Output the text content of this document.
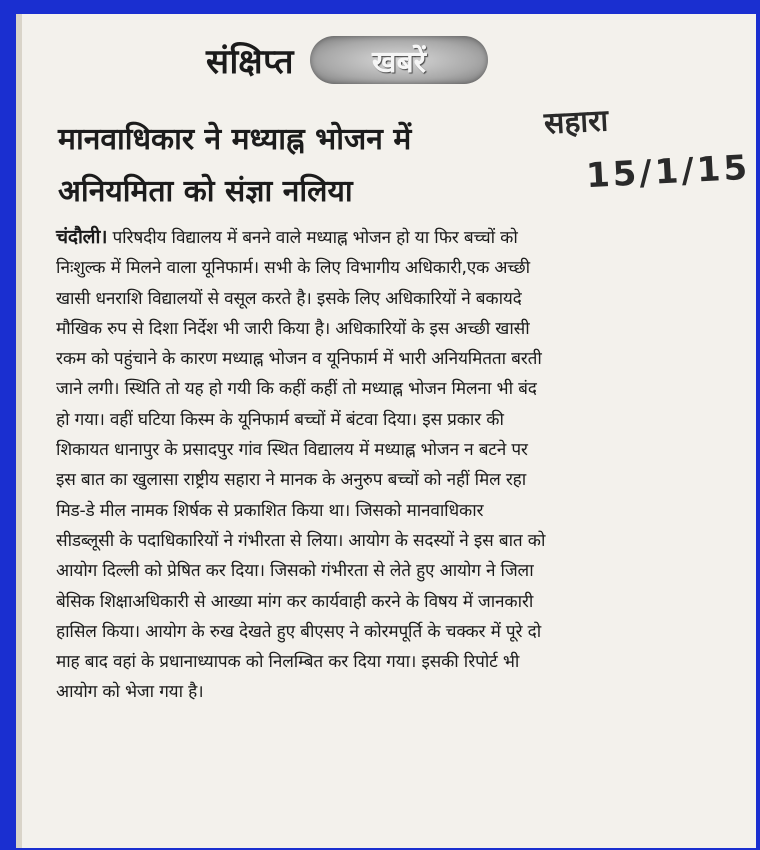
संक्षिप्त	खबरें
मानवाधिकार ने मध्याह्न भोजन में
अनियमिता को संज्ञा नलिया
सहारा
15/1/15
चंदौली। परिषदीय विद्यालय में बनने वाले मध्याह्न भोजन हो या फिर बच्चों को
निःशुल्क में मिलने वाला यूनिफार्म। सभी के लिए विभागीय अधिकारी,एक अच्छी
खासी धनराशि विद्यालयों से वसूल करते है। इसके लिए अधिकारियों ने बकायदे
मौखिक रुप से दिशा निर्देश भी जारी किया है। अधिकारियों के इस अच्छी खासी
रकम को पहुंचाने के कारण मध्याह्न भोजन व यूनिफार्म में भारी अनियमितता बरती
जाने लगी। स्थिति तो यह हो गयी कि कहीं कहीं तो मध्याह्न भोजन मिलना भी बंद
हो गया। वहीं घटिया किस्म के यूनिफार्म बच्चों में बंटवा दिया। इस प्रकार की
शिकायत धानापुर के प्रसादपुर गांव स्थित विद्यालय में मध्याह्न भोजन न बटने पर
इस बात का खुलासा राष्ट्रीय सहारा ने मानक के अनुरुप बच्चों को नहीं मिल रहा
मिड-डे मील नामक शिर्षक से प्रकाशित किया था। जिसको मानवाधिकार
सीडब्लूसी के पदाधिकारियों ने गंभीरता से लिया। आयोग के सदस्यों ने इस बात को
आयोग दिल्ली को प्रेषित कर दिया। जिसको गंभीरता से लेते हुए आयोग ने जिला
बेसिक शिक्षाअधिकारी से आख्या मांग कर कार्यवाही करने के विषय में जानकारी
हासिल किया। आयोग के रुख देखते हुए बीएसए ने कोरमपूर्ति के चक्कर में पूरे दो
माह बाद वहां के प्रधानाध्यापक को निलम्बित कर दिया गया। इसकी रिपोर्ट भी
आयोग को भेजा गया है।
